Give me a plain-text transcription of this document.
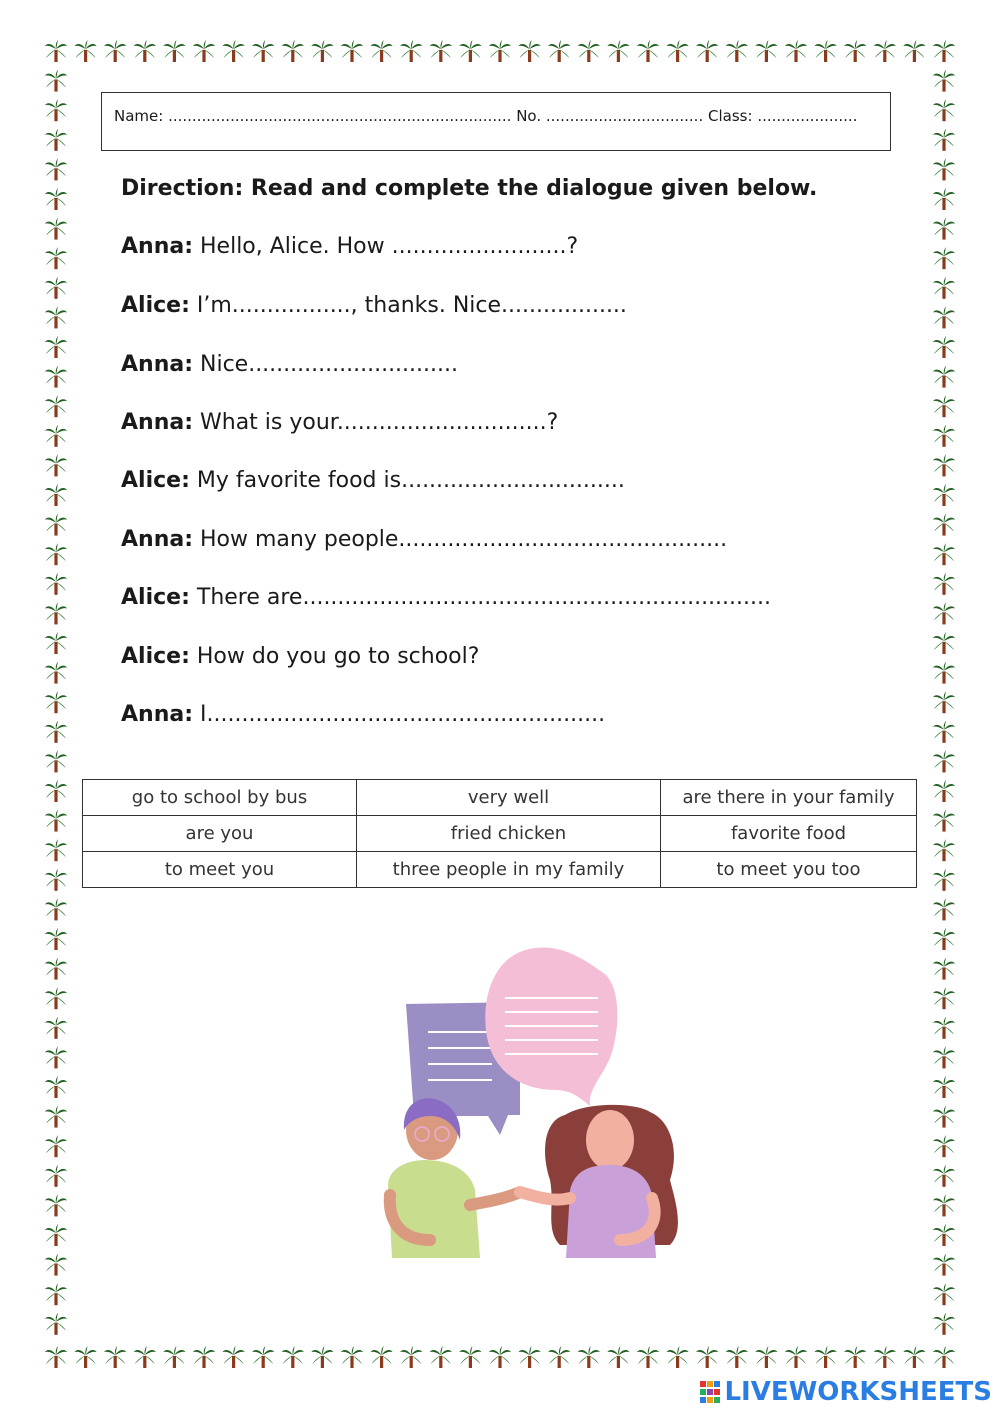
Name: ........................................................................ No. ................................. Class: .....................
Direction: Read and complete the dialogue given below.
Anna: Hello, Alice. How .........................?
Alice: I’m................., thanks. Nice..................
Anna: Nice..............................
Anna: What is your..............................?
Alice: My favorite food is................................
Anna: How many people...............................................
Alice: There are...................................................................
Alice: How do you go to school?
Anna: I.........................................................
go to school by bus	very well	are there in your family
are you	fried chicken	favorite food
to meet you	three people in my family	to meet you too
LIVEWORKSHEETS
